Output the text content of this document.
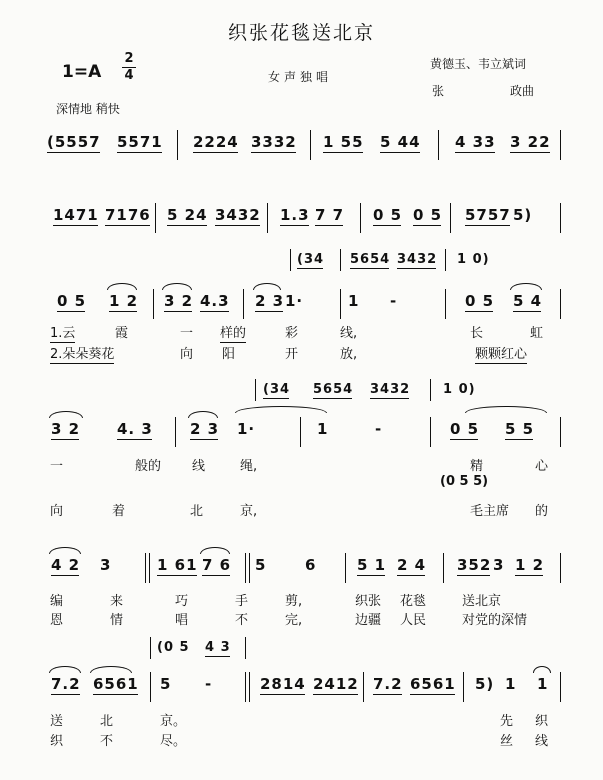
织张花毯送北京
1=A
2
4	女声独唱
黄德玉、韦立斌词
张	政曲
深情地 稍快
(5557 5571 2224 3332 1 55 5 44 4 33 3 22
1471 7176 5 24 3432 1.3 7 7 0 5 0 5 5757 5)
(34 5654 3432 1 0)
0 5 1 2 3 2 4.3 2 3 1·	1 -	0 5 5 4
1.云	霞	一 样的	彩	线,	长	虹
2.朵朵葵花	向 阳	开	放,	颗颗红心
(34 5654 3432	1 0)
3 2 4. 3 2 3 1·	1	-	0 5 5 5
一	般的 线	绳,	精	心
(0 5 5)
向	着	北	京,	毛主席 的
4 2 3	1 61 7 6 5	6	5 1 2 4 352 3 1 2
编	来	巧	手	剪,	织张 花毯	送北京
恩	情	唱	不	完,	边疆 人民	对党的深情
(0 5 4 3
7.2 6561 5 -	2814 2412 7.2 6561 5) 1 1
送	北	京。	先 织
织	不	尽。	丝 线
